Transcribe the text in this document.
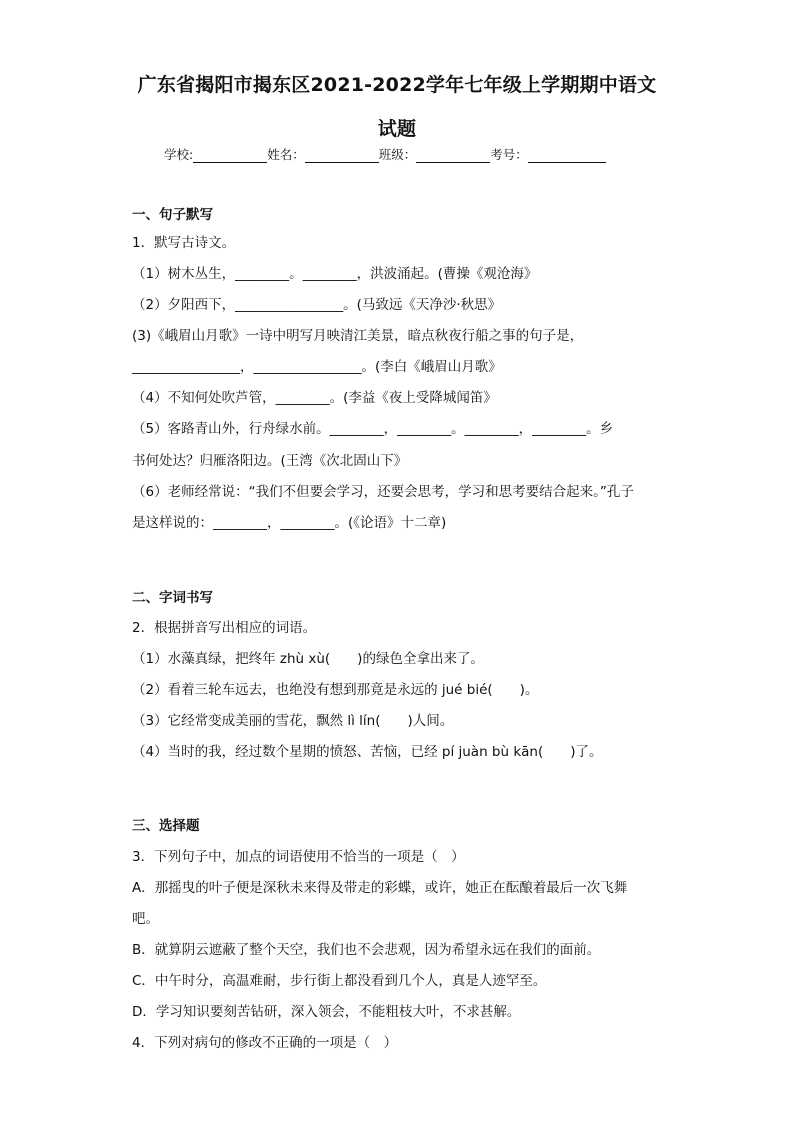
广东省揭阳市揭东区2021-2022学年七年级上学期期中语文
试题
学校:	姓名：	班级：	考号：
一、句子默写
1．默写古诗文。
（1）树木丛生，________。________，洪波涌起。(曹操《观沧海》
（2）夕阳西下，________________。(马致远《天净沙·秋思》
(3)《峨眉山月歌》一诗中明写月映清江美景，暗点秋夜行船之事的句子是，
________________，________________。(李白《峨眉山月歌》
（4）不知何处吹芦管，________。(李益《夜上受降城闻笛》
（5）客路青山外，行舟绿水前。________，________。________，________。乡
书何处达？归雁洛阳边。(王湾《次北固山下》
（6）老师经常说：“我们不但要会学习，还要会思考，学习和思考要结合起来。”孔子
是这样说的：________，________。(《论语》十二章)
二、字词书写
2．根据拼音写出相应的词语。
（1）水藻真绿，把终年 zhù xù(　　)的绿色全拿出来了。
（2）看着三轮车远去，也绝没有想到那竟是永远的 jué bié(　　)。
（3）它经常变成美丽的雪花，飘然 lì lín(　　)人间。
（4）当时的我，经过数个星期的愤怒、苦恼，已经 pí juàn bù kān(　　)了。
三、选择题
3．下列句子中，加点的词语使用不恰当的一项是（　）
A．那摇曳的叶子便是深秋未来得及带走的彩蝶，或许，她正在酝酿着最后一次飞舞
吧。
B．就算阴云遮蔽了整个天空，我们也不会悲观，因为希望永远在我们的面前。
C．中午时分，高温难耐，步行街上都没看到几个人，真是人迹罕至。
D．学习知识要刻苦钻研，深入领会，不能粗枝大叶，不求甚解。
4．下列对病句的修改不正确的一项是（　）
